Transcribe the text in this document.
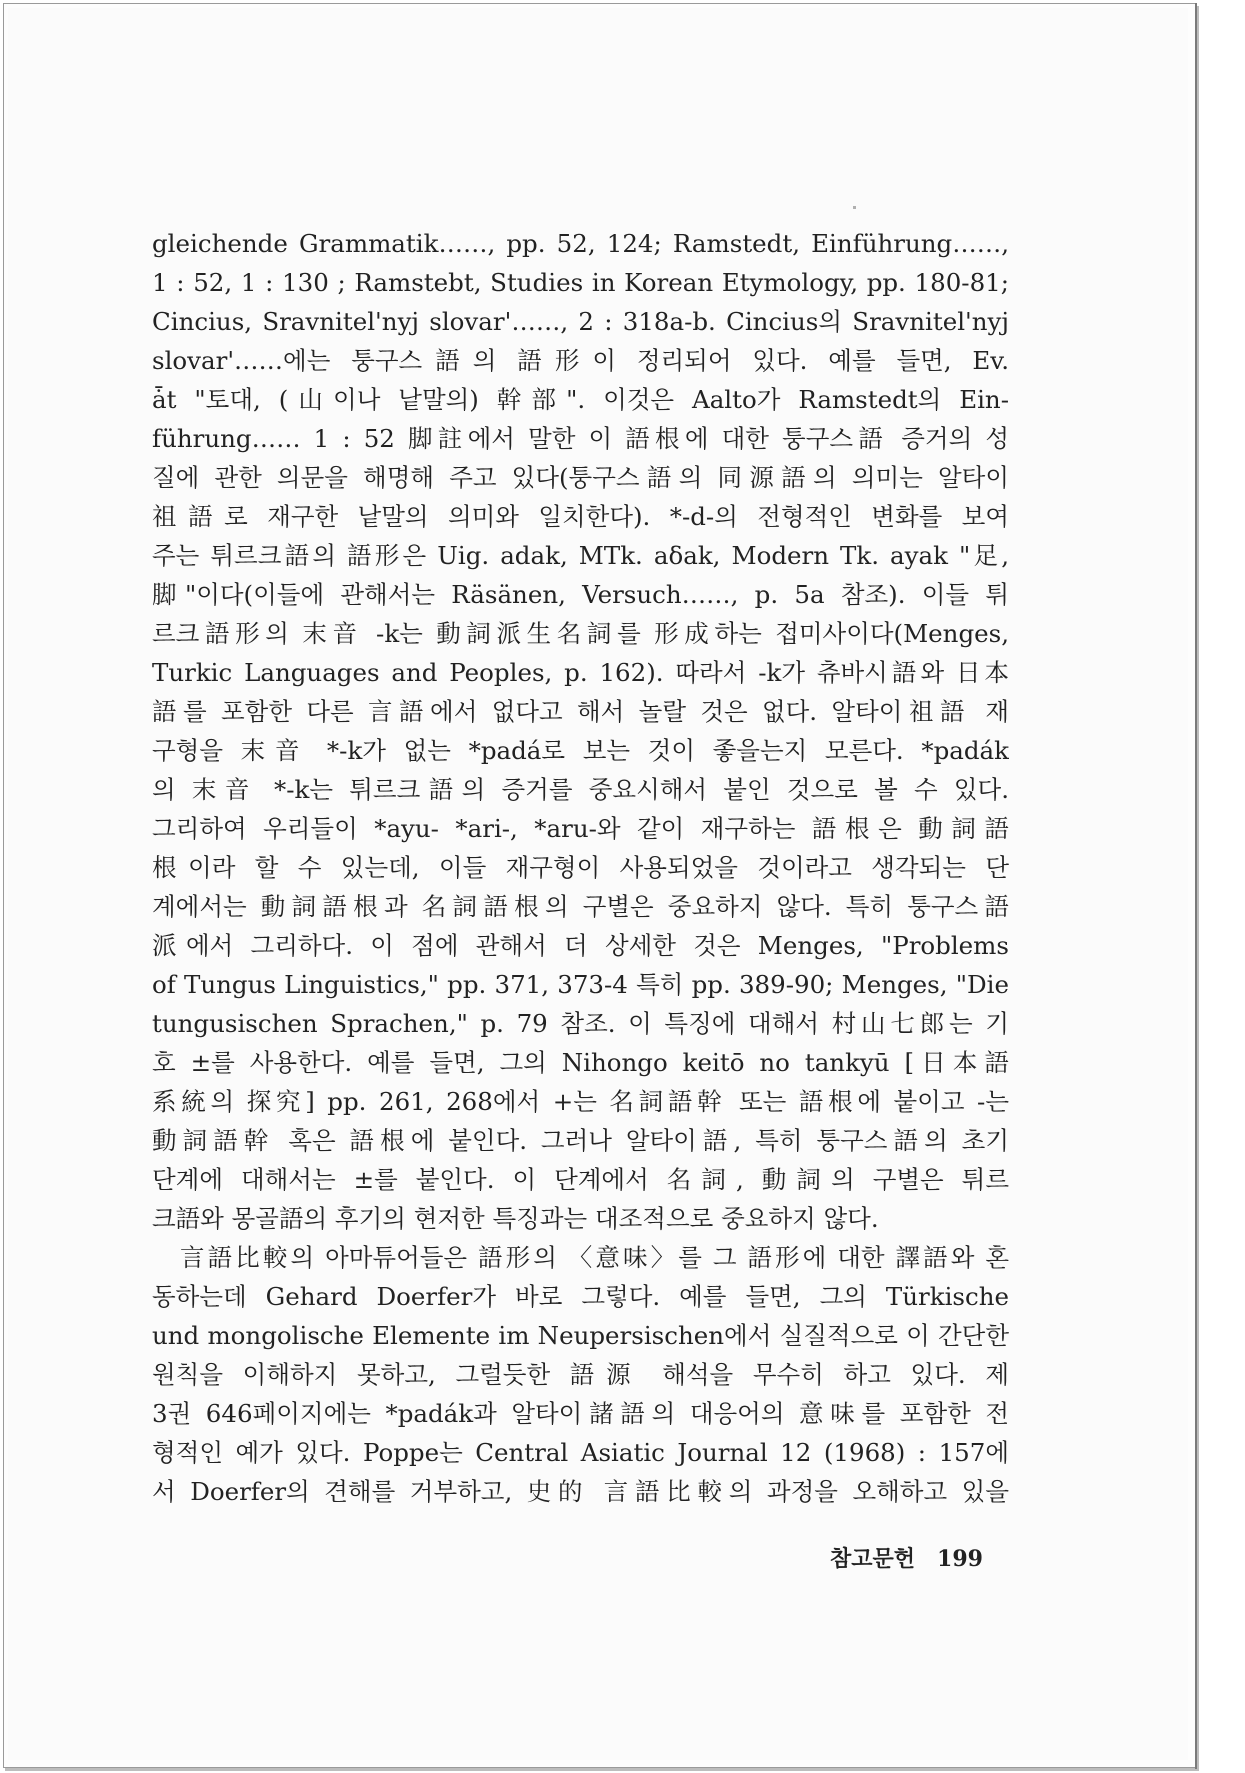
gleichende Grammatik……, pp. 52, 124; Ramstedt, Einführung……,
1 : 52, 1 : 130 ; Ramstebt, Studies in Korean Etymology, pp. 180-81;
Cincius, Sravnitel'nyj slovar'……, 2 : 318a-b. Cincius의 Sravnitel'nyj
slovar'……에는 퉁구스語의 語形이 정리되어 있다. 예를 들면, Ev.
ǡt "토대, (山이나 낱말의) 幹部". 이것은 Aalto가 Ramstedt의 Ein-
führung…… 1 : 52 脚註에서 말한 이 語根에 대한 퉁구스語 증거의 성
질에 관한 의문을 해명해 주고 있다(퉁구스語의 同源語의 의미는 알타이
祖語로 재구한 낱말의 의미와 일치한다). *-d-의 전형적인 변화를 보여
주는 튀르크語의 語形은 Uig. adak, MTk. aδak, Modern Tk. ayak "足,
脚"이다(이들에 관해서는 Räsänen, Versuch……, p. 5a 참조). 이들 튀
르크語形의 末音 -k는 動詞派生名詞를 形成하는 접미사이다(Menges,
Turkic Languages and Peoples, p. 162). 따라서 -k가 츄바시語와 日本
語를 포함한 다른 言語에서 없다고 해서 놀랄 것은 없다. 알타이祖語 재
구형을 末音 *-k가 없는 *padá로 보는 것이 좋을는지 모른다. *padák
의 末音 *-k는 튀르크語의 증거를 중요시해서 붙인 것으로 볼 수 있다.
그리하여 우리들이 *ayu- *ari-, *aru-와 같이 재구하는 語根은 動詞語
根이라 할 수 있는데, 이들 재구형이 사용되었을 것이라고 생각되는 단
계에서는 動詞語根과 名詞語根의 구별은 중요하지 않다. 특히 퉁구스語
派에서 그리하다. 이 점에 관해서 더 상세한 것은 Menges, "Problems
of Tungus Linguistics," pp. 371, 373-4 특히 pp. 389-90; Menges, "Die
tungusischen Sprachen," p. 79 참조. 이 특징에 대해서 村山七郎는 기
호 ±를 사용한다. 예를 들면, 그의 Nihongo keitō no tankyū [日本語
系統의 探究] pp. 261, 268에서 +는 名詞語幹 또는 語根에 붙이고 -는
動詞語幹 혹은 語根에 붙인다. 그러나 알타이語, 특히 퉁구스語의 초기
단계에 대해서는 ±를 붙인다. 이 단계에서 名詞, 動詞의 구별은 튀르
크語와 몽골語의 후기의 현저한 특징과는 대조적으로 중요하지 않다.
言語比較의 아마튜어들은 語形의 〈意味〉를 그 語形에 대한 譯語와 혼
동하는데 Gehard Doerfer가 바로 그렇다. 예를 들면, 그의 Türkische
und mongolische Elemente im Neupersischen에서 실질적으로 이 간단한
원칙을 이해하지 못하고, 그럴듯한 語源 해석을 무수히 하고 있다. 제
3권 646페이지에는 *padák과 알타이諸語의 대응어의 意味를 포함한 전
형적인 예가 있다. Poppe는 Central Asiatic Journal 12 (1968) : 157에
서 Doerfer의 견해를 거부하고, 史的 言語比較의 과정을 오해하고 있을
참고문헌 199
